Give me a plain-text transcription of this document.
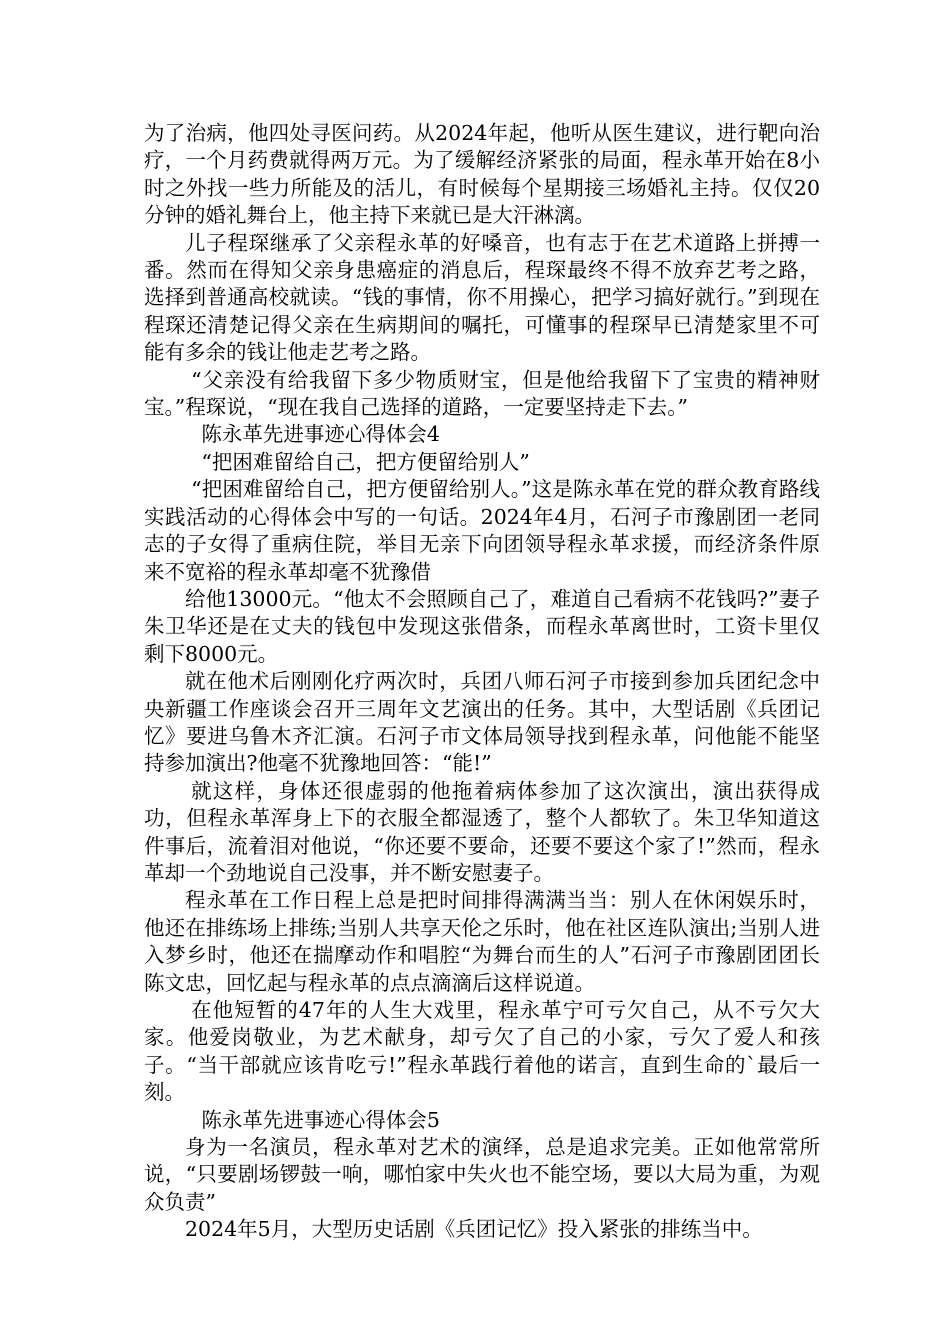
为了治病，他四处寻医问药。从2024年起，他听从医生建议，进行靶向治疗，一个月药费就得两万元。为了缓解经济紧张的局面，程永革开始在8小时之外找一些力所能及的活儿，有时候每个星期接三场婚礼主持。仅仅20分钟的婚礼舞台上，他主持下来就已是大汗淋漓。

儿子程琛继承了父亲程永革的好嗓音，也有志于在艺术道路上拼搏一番。然而在得知父亲身患癌症的消息后，程琛最终不得不放弃艺考之路，选择到普通高校就读。“钱的事情，你不用操心，把学习搞好就行。”到现在程琛还清楚记得父亲在生病期间的嘱托，可懂事的程琛早已清楚家里不可能有多余的钱让他走艺考之路。

“父亲没有给我留下多少物质财宝，但是他给我留下了宝贵的精神财宝。”程琛说，“现在我自己选择的道路，一定要坚持走下去。”

陈永革先进事迹心得体会4

“把困难留给自己，把方便留给别人”

“把困难留给自己，把方便留给别人。”这是陈永革在党的群众教育路线实践活动的心得体会中写的一句话。2024年4月，石河子市豫剧团一老同志的子女得了重病住院，举目无亲下向团领导程永革求援，而经济条件原来不宽裕的程永革却毫不犹豫借

给他13000元。“他太不会照顾自己了，难道自己看病不花钱吗?”妻子朱卫华还是在丈夫的钱包中发现这张借条，而程永革离世时，工资卡里仅剩下8000元。

就在他术后刚刚化疗两次时，兵团八师石河子市接到参加兵团纪念中央新疆工作座谈会召开三周年文艺演出的任务。其中，大型话剧《兵团记忆》要进乌鲁木齐汇演。石河子市文体局领导找到程永革，问他能不能坚持参加演出?他毫不犹豫地回答：“能!”

就这样，身体还很虚弱的他拖着病体参加了这次演出，演出获得成功，但程永革浑身上下的衣服全都湿透了，整个人都软了。朱卫华知道这件事后，流着泪对他说，“你还要不要命，还要不要这个家了!”然而，程永革却一个劲地说自己没事，并不断安慰妻子。

程永革在工作日程上总是把时间排得满满当当：别人在休闲娱乐时，他还在排练场上排练;当别人共享天伦之乐时，他在社区连队演出;当别人进入梦乡时，他还在揣摩动作和唱腔“为舞台而生的人”石河子市豫剧团团长陈文忠，回忆起与程永革的点点滴滴后这样说道。

在他短暂的47年的人生大戏里，程永革宁可亏欠自己，从不亏欠大家。他爱岗敬业，为艺术献身，却亏欠了自己的小家，亏欠了爱人和孩子。“当干部就应该肯吃亏!”程永革践行着他的诺言，直到生命的`最后一刻。

陈永革先进事迹心得体会5

身为一名演员，程永革对艺术的演绎，总是追求完美。正如他常常所说，“只要剧场锣鼓一响，哪怕家中失火也不能空场，要以大局为重，为观众负责”

2024年5月，大型历史话剧《兵团记忆》投入紧张的排练当中。
